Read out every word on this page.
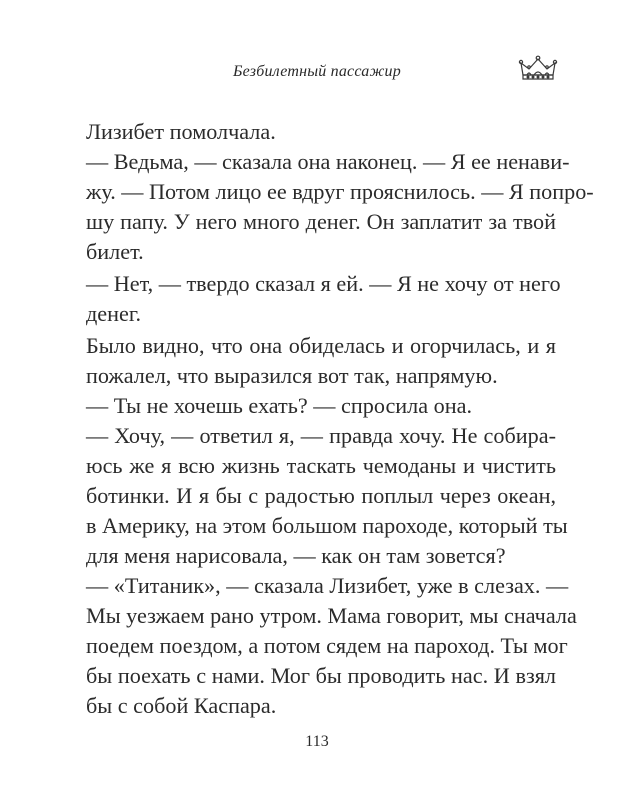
Безбилетный пассажир
Лизибет помолчала.
— Ведьма, — сказала она наконец. — Я ее ненави-
жу. — Потом лицо ее вдруг прояснилось. — Я попро-
шу папу. У него много денег. Он заплатит за твой
билет.
— Нет, — твердо сказал я ей. — Я не хочу от него
денег.
Было видно, что она обиделась и огорчилась, и я
пожалел, что выразился вот так, напрямую.
— Ты не хочешь ехать? — спросила она.
— Хочу, — ответил я, — правда хочу. Не собира-
юсь же я всю жизнь таскать чемоданы и чистить
ботинки. И я бы с радостью поплыл через океан,
в Америку, на этом большом пароходе, который ты
для меня нарисовала, — как он там зовется?
— «Титаник», — сказала Лизибет, уже в слезах. —
Мы уезжаем рано утром. Мама говорит, мы сначала
поедем поездом, а потом сядем на пароход. Ты мог
бы поехать с нами. Мог бы проводить нас. И взял
бы с собой Каспара.
113
